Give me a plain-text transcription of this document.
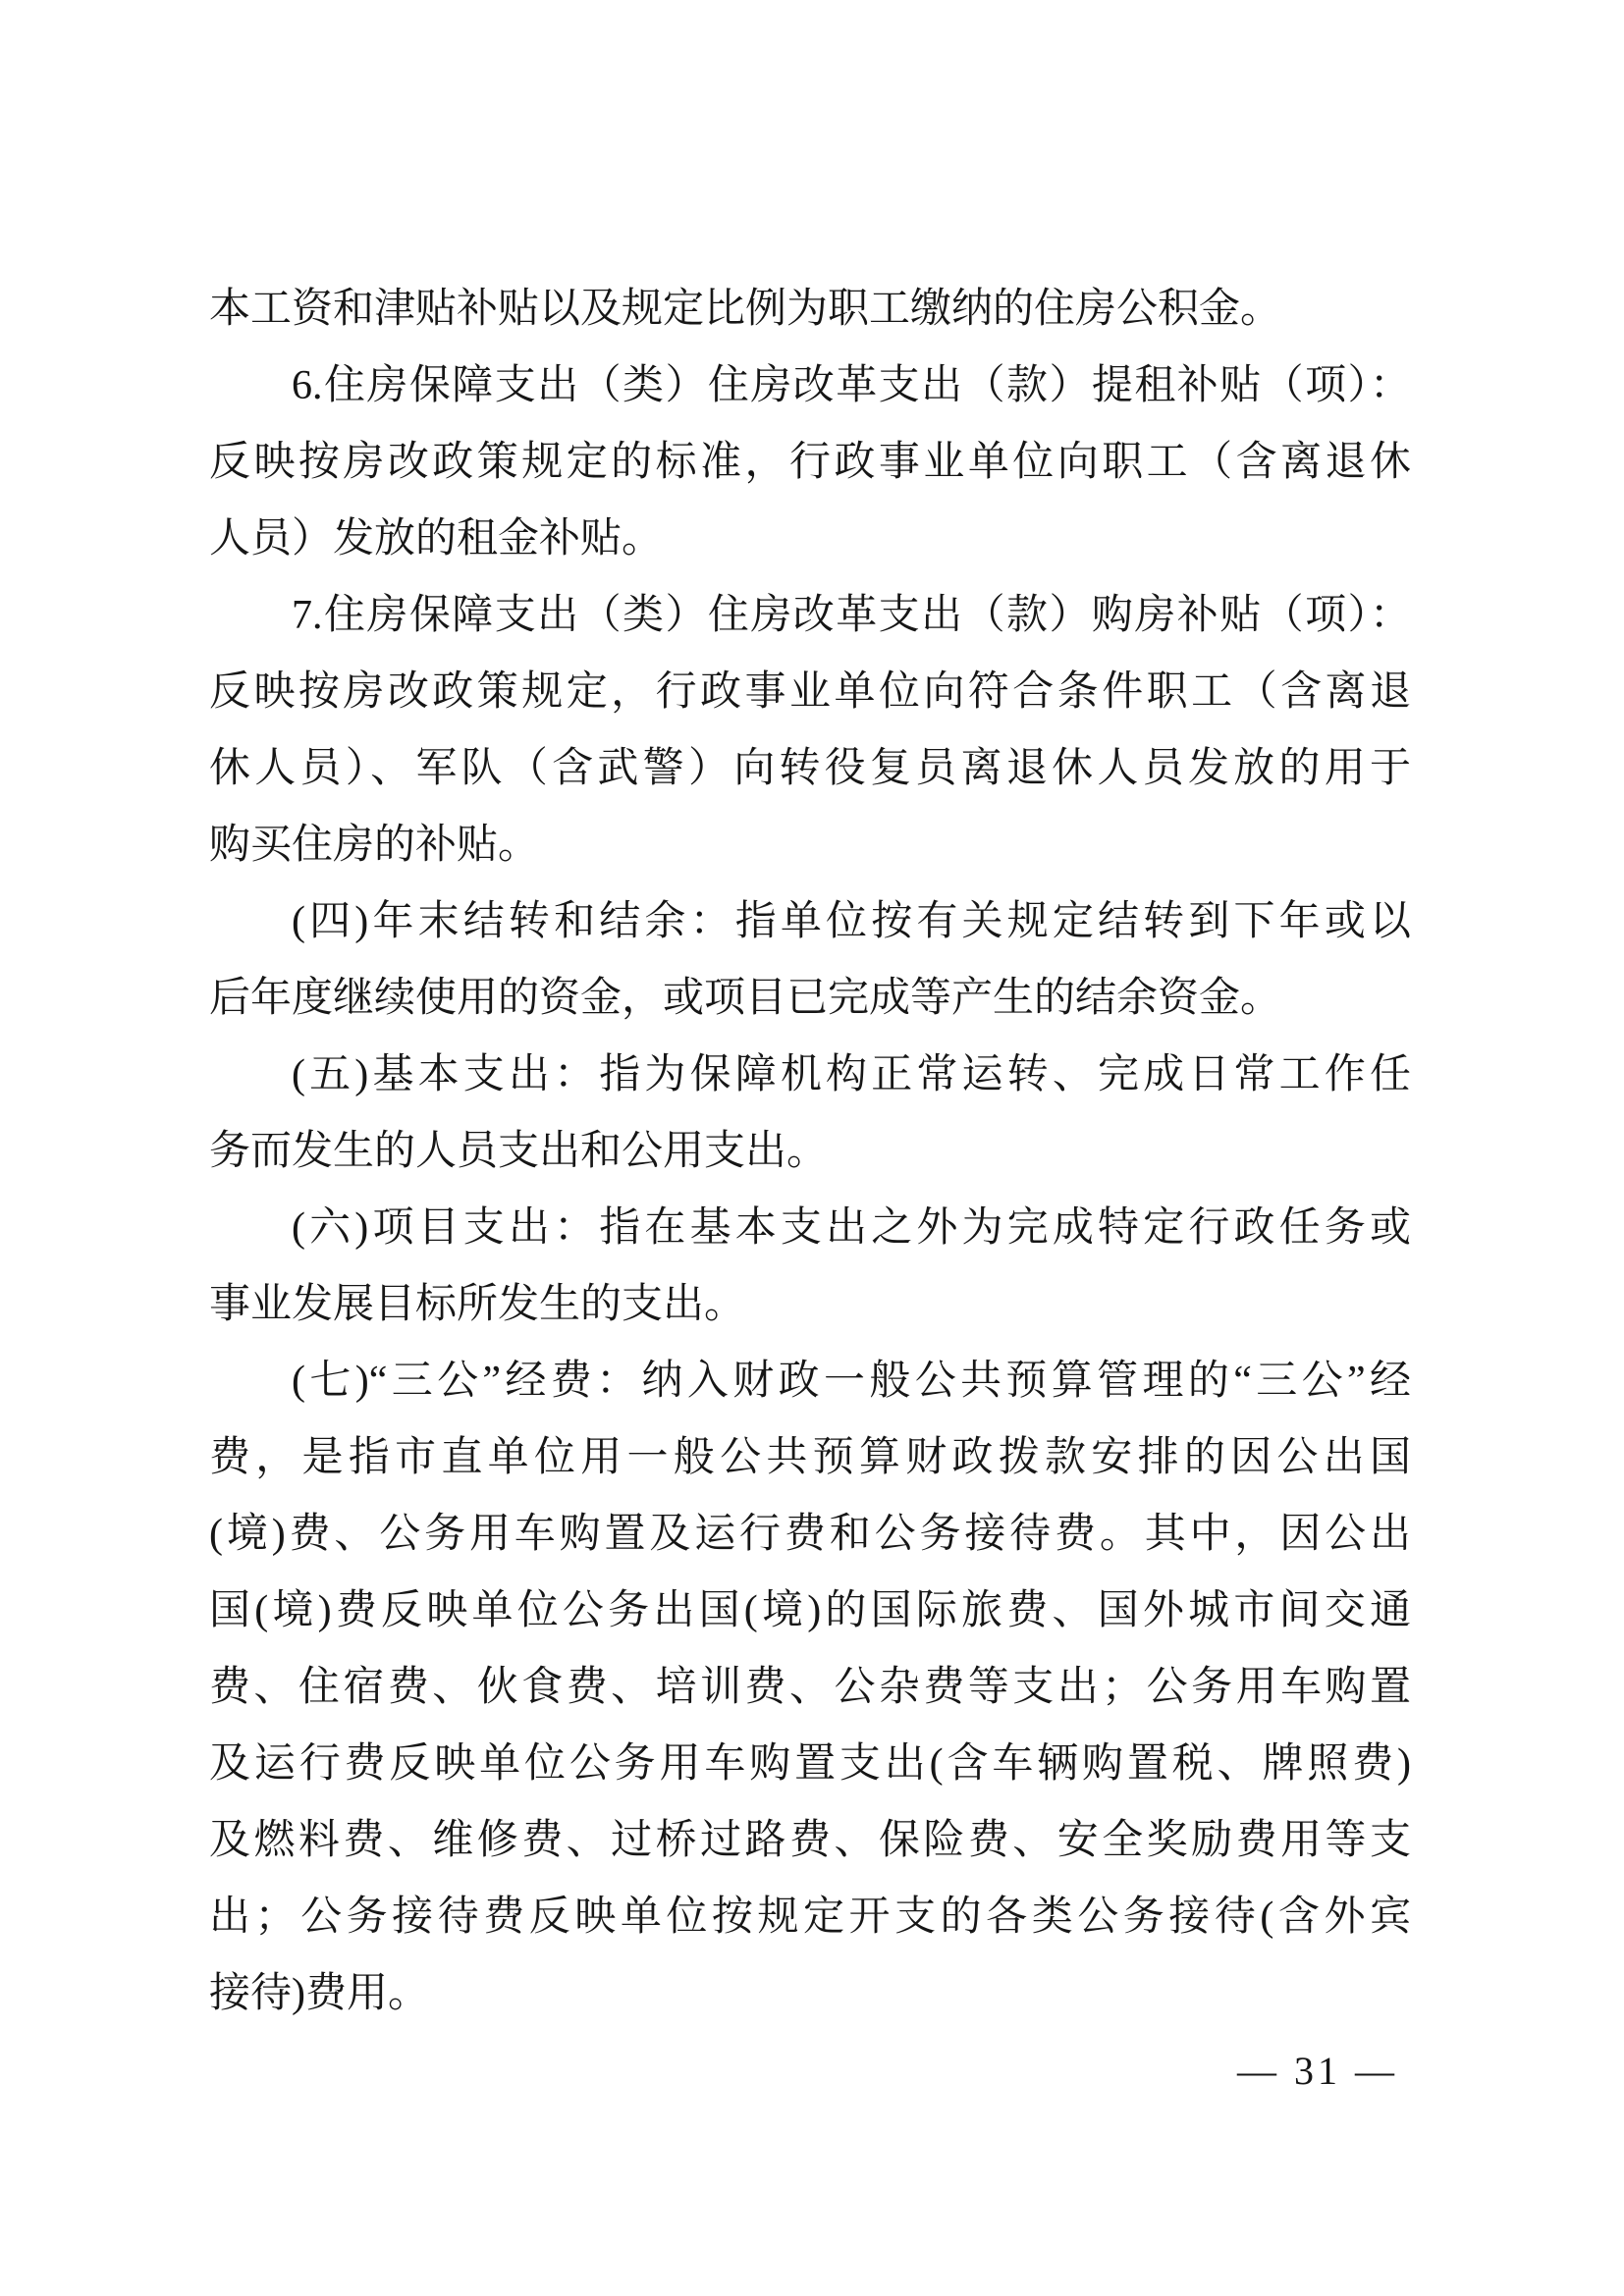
本工资和津贴补贴以及规定比例为职工缴纳的住房公积金。
6.住房保障支出（类）住房改革支出（款）提租补贴（项）：
反映按房改政策规定的标准，行政事业单位向职工（含离退休
人员）发放的租金补贴。
7.住房保障支出（类）住房改革支出（款）购房补贴（项）：
反映按房改政策规定，行政事业单位向符合条件职工（含离退
休人员）、军队（含武警）向转役复员离退休人员发放的用于
购买住房的补贴。
(四)年末结转和结余：指单位按有关规定结转到下年或以
后年度继续使用的资金，或项目已完成等产生的结余资金。
(五)基本支出：指为保障机构正常运转、完成日常工作任
务而发生的人员支出和公用支出。
(六)项目支出：指在基本支出之外为完成特定行政任务或
事业发展目标所发生的支出。
(七)“三公”经费：纳入财政一般公共预算管理的“三公”经
费，是指市直单位用一般公共预算财政拨款安排的因公出国
(境)费、公务用车购置及运行费和公务接待费。其中，因公出
国(境)费反映单位公务出国(境)的国际旅费、国外城市间交通
费、住宿费、伙食费、培训费、公杂费等支出；公务用车购置
及运行费反映单位公务用车购置支出(含车辆购置税、牌照费)
及燃料费、维修费、过桥过路费、保险费、安全奖励费用等支
出；公务接待费反映单位按规定开支的各类公务接待(含外宾
接待)费用。
— 31 —
